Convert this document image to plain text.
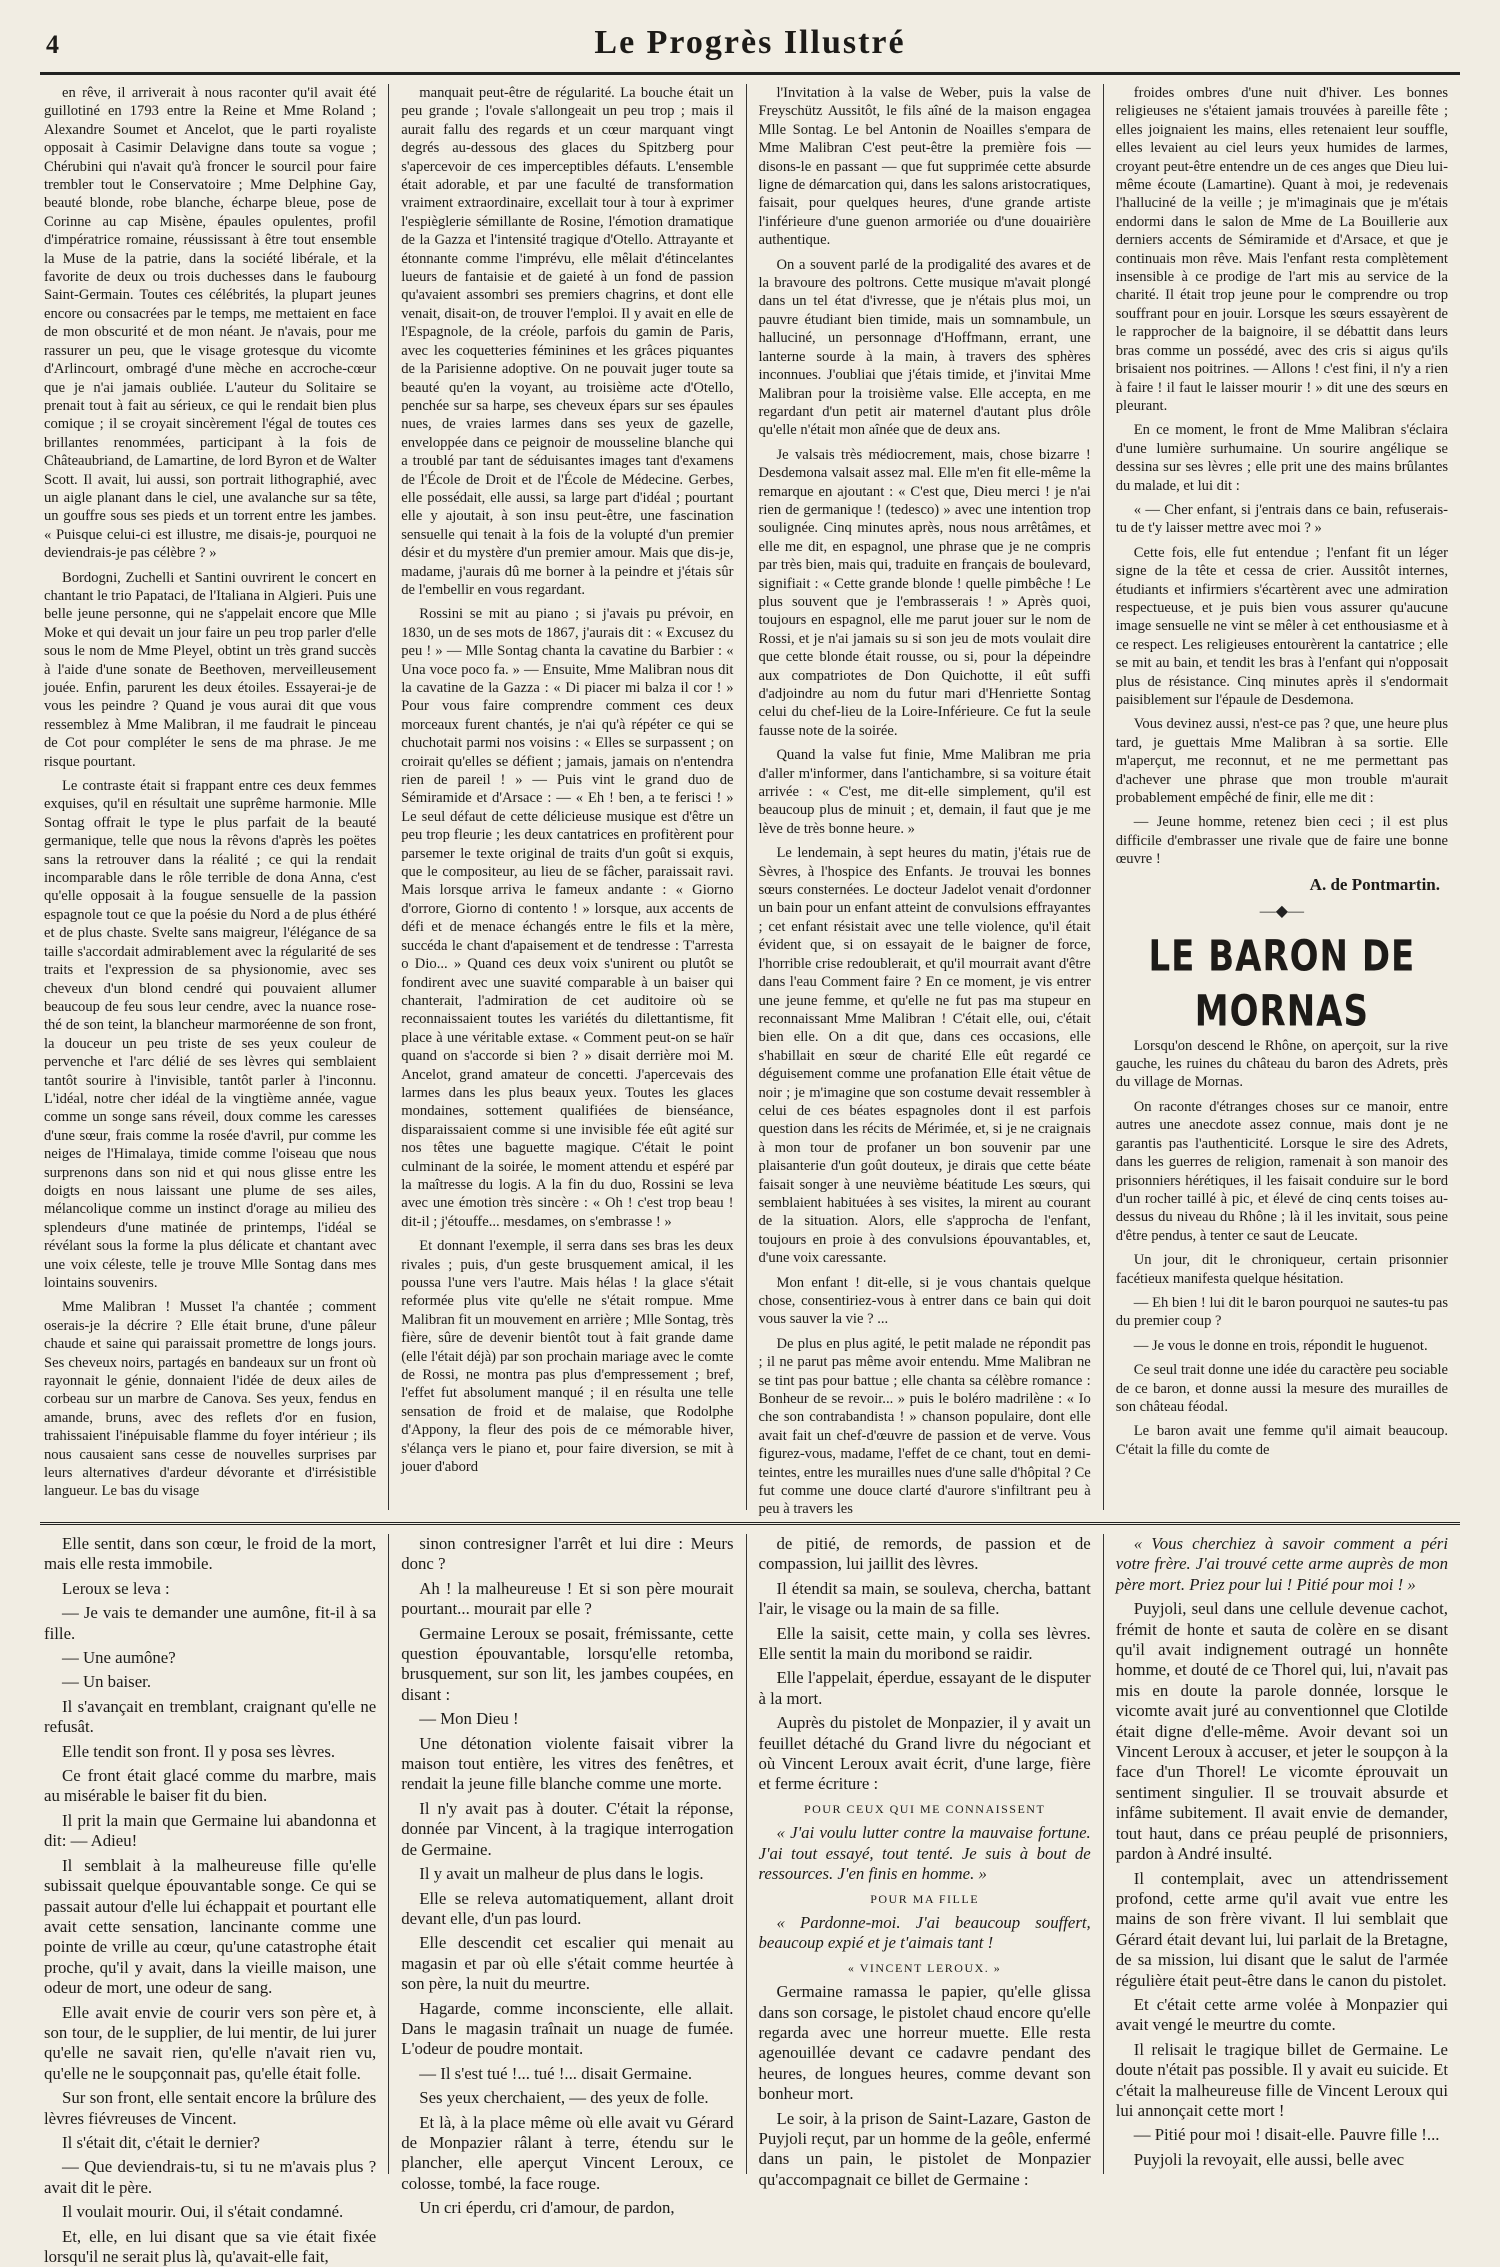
4	Le Progrès Illustré

en rêve, il arriverait à nous raconter qu'il avait été guillotiné en 1793 entre la Reine et Mme Roland ; Alexandre Soumet et Ancelot, que le parti royaliste opposait à Casimir Delavigne dans toute sa vogue ; Chérubini qui n'avait qu'à froncer le sourcil pour faire trembler tout le Conservatoire ; Mme Delphine Gay, beauté blonde, robe blanche, écharpe bleue, pose de Corinne au cap Misène, épaules opulentes, profil d'impératrice romaine, réussissant à être tout ensemble la Muse de la patrie, dans la société libérale, et la favorite de deux ou trois duchesses dans le faubourg Saint-Germain. Toutes ces célébrités, la plupart jeunes encore ou consacrées par le temps, me mettaient en face de mon obscurité et de mon néant. Je n'avais, pour me rassurer un peu, que le visage grotesque du vicomte d'Arlincourt, ombragé d'une mèche en accroche-cœur que je n'ai jamais oubliée. L'auteur du Solitaire se prenait tout à fait au sérieux, ce qui le rendait bien plus comique ; il se croyait sincèrement l'égal de toutes ces brillantes renommées, participant à la fois de Châteaubriand, de Lamartine, de lord Byron et de Walter Scott. Il avait, lui aussi, son portrait lithographié, avec un aigle planant dans le ciel, une avalanche sur sa tête, un gouffre sous ses pieds et un torrent entre les jambes. « Puisque celui-ci est illustre, me disais-je, pourquoi ne deviendrais-je pas célèbre ? »

Bordogni, Zuchelli et Santini ouvrirent le concert en chantant le trio Papataci, de l'Italiana in Algieri. Puis une belle jeune personne, qui ne s'appelait encore que Mlle Moke et qui devait un jour faire un peu trop parler d'elle sous le nom de Mme Pleyel, obtint un très grand succès à l'aide d'une sonate de Beethoven, merveilleusement jouée. Enfin, parurent les deux étoiles. Essayerai-je de vous les peindre ? Quand je vous aurai dit que vous ressemblez à Mme Malibran, il me faudrait le pinceau de Cot pour compléter le sens de ma phrase. Je me risque pourtant.

Le contraste était si frappant entre ces deux femmes exquises, qu'il en résultait une suprême harmonie. Mlle Sontag offrait le type le plus parfait de la beauté germanique, telle que nous la rêvons d'après les poëtes sans la retrouver dans la réalité ; ce qui la rendait incomparable dans le rôle terrible de dona Anna, c'est qu'elle opposait à la fougue sensuelle de la passion espagnole tout ce que la poésie du Nord a de plus éthéré et de plus chaste. Svelte sans maigreur, l'élégance de sa taille s'accordait admirablement avec la régularité de ses traits et l'expression de sa physionomie, avec ses cheveux d'un blond cendré qui pouvaient allumer beaucoup de feu sous leur cendre, avec la nuance rose-thé de son teint, la blancheur marmoréenne de son front, la douceur un peu triste de ses yeux couleur de pervenche et l'arc délié de ses lèvres qui semblaient tantôt sourire à l'invisible, tantôt parler à l'inconnu. L'idéal, notre cher idéal de la vingtième année, vague comme un songe sans réveil, doux comme les caresses d'une sœur, frais comme la rosée d'avril, pur comme les neiges de l'Himalaya, timide comme l'oiseau que nous surprenons dans son nid et qui nous glisse entre les doigts en nous laissant une plume de ses ailes, mélancolique comme un instinct d'orage au milieu des splendeurs d'une matinée de printemps, l'idéal se révélant sous la forme la plus délicate et chantant avec une voix céleste, telle je trouve Mlle Sontag dans mes lointains souvenirs.

Mme Malibran ! Musset l'a chantée ; comment oserais-je la décrire ? Elle était brune, d'une pâleur chaude et saine qui paraissait promettre de longs jours. Ses cheveux noirs, partagés en bandeaux sur un front où rayonnait le génie, donnaient l'idée de deux ailes de corbeau sur un marbre de Canova. Ses yeux, fendus en amande, bruns, avec des reflets d'or en fusion, trahissaient l'inépuisable flamme du foyer intérieur ; ils nous causaient sans cesse de nouvelles surprises par leurs alternatives d'ardeur dévorante et d'irrésistible langueur. Le bas du visage

manquait peut-être de régularité. La bouche était un peu grande ; l'ovale s'allongeait un peu trop ; mais il aurait fallu des regards et un cœur marquant vingt degrés au-dessous des glaces du Spitzberg pour s'apercevoir de ces imperceptibles défauts. L'ensemble était adorable, et par une faculté de transformation vraiment extraordinaire, excellait tour à tour à exprimer l'espièglerie sémillante de Rosine, l'émotion dramatique de la Gazza et l'intensité tragique d'Otello. Attrayante et étonnante comme l'imprévu, elle mêlait d'étincelantes lueurs de fantaisie et de gaieté à un fond de passion qu'avaient assombri ses premiers chagrins, et dont elle venait, disait-on, de trouver l'emploi. Il y avait en elle de l'Espagnole, de la créole, parfois du gamin de Paris, avec les coquetteries féminines et les grâces piquantes de la Parisienne adoptive. On ne pouvait juger toute sa beauté qu'en la voyant, au troisième acte d'Otello, penchée sur sa harpe, ses cheveux épars sur ses épaules nues, de vraies larmes dans ses yeux de gazelle, enveloppée dans ce peignoir de mousseline blanche qui a troublé par tant de séduisantes images tant d'examens de l'École de Droit et de l'École de Médecine. Gerbes, elle possédait, elle aussi, sa large part d'idéal ; pourtant elle y ajoutait, à son insu peut-être, une fascination sensuelle qui tenait à la fois de la volupté d'un premier désir et du mystère d'un premier amour. Mais que dis-je, madame, j'aurais dû me borner à la peindre et j'étais sûr de l'embellir en vous regardant.

Rossini se mit au piano ; si j'avais pu prévoir, en 1830, un de ses mots de 1867, j'aurais dit : « Excusez du peu ! » — Mlle Sontag chanta la cavatine du Barbier : « Una voce poco fa. » — Ensuite, Mme Malibran nous dit la cavatine de la Gazza : « Di piacer mi balza il cor ! » Pour vous faire comprendre comment ces deux morceaux furent chantés, je n'ai qu'à répéter ce qui se chuchotait parmi nos voisins : « Elles se surpassent ; on croirait qu'elles se défient ; jamais, jamais on n'entendra rien de pareil ! » — Puis vint le grand duo de Sémiramide et d'Arsace : — « Eh ! ben, a te ferisci ! » Le seul défaut de cette délicieuse musique est d'être un peu trop fleurie ; les deux cantatrices en profitèrent pour parsemer le texte original de traits d'un goût si exquis, que le compositeur, au lieu de se fâcher, paraissait ravi. Mais lorsque arriva le fameux andante : « Giorno d'orrore, Giorno di contento ! » lorsque, aux accents de défi et de menace échangés entre le fils et la mère, succéda le chant d'apaisement et de tendresse : T'arresta o Dio... » Quand ces deux voix s'unirent ou plutôt se fondirent avec une suavité comparable à un baiser qui chanterait, l'admiration de cet auditoire où se reconnaissaient toutes les variétés du dilettantisme, fit place à une véritable extase. « Comment peut-on se haïr quand on s'accorde si bien ? » disait derrière moi M. Ancelot, grand amateur de concetti. J'apercevais des larmes dans les plus beaux yeux. Toutes les glaces mondaines, sottement qualifiées de bienséance, disparaissaient comme si une invisible fée eût agité sur nos têtes une baguette magique. C'était le point culminant de la soirée, le moment attendu et espéré par la maîtresse du logis. A la fin du duo, Rossini se leva avec une émotion très sincère : « Oh ! c'est trop beau ! dit-il ; j'étouffe... mesdames, on s'embrasse ! »

Et donnant l'exemple, il serra dans ses bras les deux rivales ; puis, d'un geste brusquement amical, il les poussa l'une vers l'autre. Mais hélas ! la glace s'était reformée plus vite qu'elle ne s'était rompue. Mme Malibran fit un mouvement en arrière ; Mlle Sontag, très fière, sûre de devenir bientôt tout à fait grande dame (elle l'était déjà) par son prochain mariage avec le comte de Rossi, ne montra pas plus d'empressement ; bref, l'effet fut absolument manqué ; il en résulta une telle sensation de froid et de malaise, que Rodolphe d'Appony, la fleur des pois de ce mémorable hiver, s'élança vers le piano et, pour faire diversion, se mit à jouer d'abord

l'Invitation à la valse de Weber, puis la valse de Freyschütz Aussitôt, le fils aîné de la maison engagea Mlle Sontag. Le bel Antonin de Noailles s'empara de Mme Malibran C'est peut-être la première fois — disons-le en passant — que fut supprimée cette absurde ligne de démarcation qui, dans les salons aristocratiques, faisait, pour quelques heures, d'une grande artiste l'inférieure d'une guenon armoriée ou d'une douairière authentique.

On a souvent parlé de la prodigalité des avares et de la bravoure des poltrons. Cette musique m'avait plongé dans un tel état d'ivresse, que je n'étais plus moi, un pauvre étudiant bien timide, mais un somnambule, un halluciné, un personnage d'Hoffmann, errant, une lanterne sourde à la main, à travers des sphères inconnues. J'oubliai que j'étais timide, et j'invitai Mme Malibran pour la troisième valse. Elle accepta, en me regardant d'un petit air maternel d'autant plus drôle qu'elle n'était mon aînée que de deux ans.

Je valsais très médiocrement, mais, chose bizarre ! Desdemona valsait assez mal. Elle m'en fit elle-même la remarque en ajoutant : « C'est que, Dieu merci ! je n'ai rien de germanique ! (tedesco) » avec une intention trop soulignée. Cinq minutes après, nous nous arrêtâmes, et elle me dit, en espagnol, une phrase que je ne compris par très bien, mais qui, traduite en français de boulevard, signifiait : « Cette grande blonde ! quelle pimbêche ! Le plus souvent que je l'embrasserais ! » Après quoi, toujours en espagnol, elle me parut jouer sur le nom de Rossi, et je n'ai jamais su si son jeu de mots voulait dire que cette blonde était rousse, ou si, pour la dépeindre aux compatriotes de Don Quichotte, il eût suffi d'adjoindre au nom du futur mari d'Henriette Sontag celui du chef-lieu de la Loire-Inférieure. Ce fut la seule fausse note de la soirée.

Quand la valse fut finie, Mme Malibran me pria d'aller m'informer, dans l'antichambre, si sa voiture était arrivée : « C'est, me dit-elle simplement, qu'il est beaucoup plus de minuit ; et, demain, il faut que je me lève de très bonne heure. »

Le lendemain, à sept heures du matin, j'étais rue de Sèvres, à l'hospice des Enfants. Je trouvai les bonnes sœurs consternées. Le docteur Jadelot venait d'ordonner un bain pour un enfant atteint de convulsions effrayantes ; cet enfant résistait avec une telle violence, qu'il était évident que, si on essayait de le baigner de force, l'horrible crise redoublerait, et qu'il mourrait avant d'être dans l'eau Comment faire ? En ce moment, je vis entrer une jeune femme, et qu'elle ne fut pas ma stupeur en reconnaissant Mme Malibran ! C'était elle, oui, c'était bien elle. On a dit que, dans ces occasions, elle s'habillait en sœur de charité Elle eût regardé ce déguisement comme une profanation Elle était vêtue de noir ; je m'imagine que son costume devait ressembler à celui de ces béates espagnoles dont il est parfois question dans les récits de Mérimée, et, si je ne craignais à mon tour de profaner un bon souvenir par une plaisanterie d'un goût douteux, je dirais que cette béate faisait songer à une neuvième béatitude Les sœurs, qui semblaient habituées à ses visites, la mirent au courant de la situation. Alors, elle s'approcha de l'enfant, toujours en proie à des convulsions épouvantables, et, d'une voix caressante.

Mon enfant ! dit-elle, si je vous chantais quelque chose, consentiriez-vous à entrer dans ce bain qui doit vous sauver la vie ? ...

De plus en plus agité, le petit malade ne répondit pas ; il ne parut pas même avoir entendu. Mme Malibran ne se tint pas pour battue ; elle chanta sa célèbre romance : Bonheur de se revoir... » puis le boléro madrilène : « Io che son contrabandista ! » chanson populaire, dont elle avait fait un chef-d'œuvre de passion et de verve. Vous figurez-vous, madame, l'effet de ce chant, tout en demi-teintes, entre les murailles nues d'une salle d'hôpital ? Ce fut comme une douce clarté d'aurore s'infiltrant peu à peu à travers les

froides ombres d'une nuit d'hiver. Les bonnes religieuses ne s'étaient jamais trouvées à pareille fête ; elles joignaient les mains, elles retenaient leur souffle, elles levaient au ciel leurs yeux humides de larmes, croyant peut-être entendre un de ces anges que Dieu lui-même écoute (Lamartine). Quant à moi, je redevenais l'halluciné de la veille ; je m'imaginais que je m'étais endormi dans le salon de Mme de La Bouillerie aux derniers accents de Sémiramide et d'Arsace, et que je continuais mon rêve. Mais l'enfant resta complètement insensible à ce prodige de l'art mis au service de la charité. Il était trop jeune pour le comprendre ou trop souffrant pour en jouir. Lorsque les sœurs essayèrent de le rapprocher de la baignoire, il se débattit dans leurs bras comme un possédé, avec des cris si aigus qu'ils brisaient nos poitrines. — Allons ! c'est fini, il n'y a rien à faire ! il faut le laisser mourir ! » dit une des sœurs en pleurant.

En ce moment, le front de Mme Malibran s'éclaira d'une lumière surhumaine. Un sourire angélique se dessina sur ses lèvres ; elle prit une des mains brûlantes du malade, et lui dit :

« — Cher enfant, si j'entrais dans ce bain, refuserais-tu de t'y laisser mettre avec moi ? »

Cette fois, elle fut entendue ; l'enfant fit un léger signe de la tête et cessa de crier. Aussitôt internes, étudiants et infirmiers s'écartèrent avec une admiration respectueuse, et je puis bien vous assurer qu'aucune image sensuelle ne vint se mêler à cet enthousiasme et à ce respect. Les religieuses entourèrent la cantatrice ; elle se mit au bain, et tendit les bras à l'enfant qui n'opposait plus de résistance. Cinq minutes après il s'endormait paisiblement sur l'épaule de Desdemona.

Vous devinez aussi, n'est-ce pas ? que, une heure plus tard, je guettais Mme Malibran à sa sortie. Elle m'aperçut, me reconnut, et ne me permettant pas d'achever une phrase que mon trouble m'aurait probablement empêché de finir, elle me dit :

— Jeune homme, retenez bien ceci ; il est plus difficile d'embrasser une rivale que de faire une bonne œuvre !

A. de Pontmartin.
—◆—
LE BARON DE MORNAS

Lorsqu'on descend le Rhône, on aperçoit, sur la rive gauche, les ruines du château du baron des Adrets, près du village de Mornas.

On raconte d'étranges choses sur ce manoir, entre autres une anecdote assez connue, mais dont je ne garantis pas l'authenticité. Lorsque le sire des Adrets, dans les guerres de religion, ramenait à son manoir des prisonniers hérétiques, il les faisait conduire sur le bord d'un rocher taillé à pic, et élevé de cinq cents toises au-dessus du niveau du Rhône ; là il les invitait, sous peine d'être pendus, à tenter ce saut de Leucate.

Un jour, dit le chroniqueur, certain prisonnier facétieux manifesta quelque hésitation.

— Eh bien ! lui dit le baron pourquoi ne sautes-tu pas du premier coup ?

— Je vous le donne en trois, répondit le huguenot.

Ce seul trait donne une idée du caractère peu sociable de ce baron, et donne aussi la mesure des murailles de son château féodal.

Le baron avait une femme qu'il aimait beaucoup. C'était la fille du comte de

Elle sentit, dans son cœur, le froid de la mort, mais elle resta immobile.

Leroux se leva :

— Je vais te demander une aumône, fit-il à sa fille.

— Une aumône?

— Un baiser.

Il s'avançait en tremblant, craignant qu'elle ne refusât.

Elle tendit son front. Il y posa ses lèvres.

Ce front était glacé comme du marbre, mais au misérable le baiser fit du bien.

Il prit la main que Germaine lui abandonna et dit: — Adieu!

Il semblait à la malheureuse fille qu'elle subissait quelque épouvantable songe. Ce qui se passait autour d'elle lui échappait et pourtant elle avait cette sensation, lancinante comme une pointe de vrille au cœur, qu'une catastrophe était proche, qu'il y avait, dans la vieille maison, une odeur de mort, une odeur de sang.

Elle avait envie de courir vers son père et, à son tour, de le supplier, de lui mentir, de lui jurer qu'elle ne savait rien, qu'elle n'avait rien vu, qu'elle ne le soupçonnait pas, qu'elle était folle.

Sur son front, elle sentait encore la brûlure des lèvres fiévreuses de Vincent.

Il s'était dit, c'était le dernier?

— Que deviendrais-tu, si tu ne m'avais plus ? avait dit le père.

Il voulait mourir. Oui, il s'était condamné.

Et, elle, en lui disant que sa vie était fixée lorsqu'il ne serait plus là, qu'avait-elle fait,

sinon contresigner l'arrêt et lui dire : Meurs donc ?

Ah ! la malheureuse ! Et si son père mourait pourtant... mourait par elle ?

Germaine Leroux se posait, frémissante, cette question épouvantable, lorsqu'elle retomba, brusquement, sur son lit, les jambes coupées, en disant :

— Mon Dieu !

Une détonation violente faisait vibrer la maison tout entière, les vitres des fenêtres, et rendait la jeune fille blanche comme une morte.

Il n'y avait pas à douter. C'était la réponse, donnée par Vincent, à la tragique interrogation de Germaine.

Il y avait un malheur de plus dans le logis.

Elle se releva automatiquement, allant droit devant elle, d'un pas lourd.

Elle descendit cet escalier qui menait au magasin et par où elle s'était comme heurtée à son père, la nuit du meurtre.

Hagarde, comme inconsciente, elle allait. Dans le magasin traînait un nuage de fumée. L'odeur de poudre montait.

— Il s'est tué !... tué !... disait Germaine.

Ses yeux cherchaient, — des yeux de folle.

Et là, à la place même où elle avait vu Gérard de Monpazier râlant à terre, étendu sur le plancher, elle aperçut Vincent Leroux, ce colosse, tombé, la face rouge.

Un cri éperdu, cri d'amour, de pardon,

de pitié, de remords, de passion et de compassion, lui jaillit des lèvres.

Il étendit sa main, se souleva, chercha, battant l'air, le visage ou la main de sa fille.

Elle la saisit, cette main, y colla ses lèvres. Elle sentit la main du moribond se raidir.

Elle l'appelait, éperdue, essayant de le disputer à la mort.

Auprès du pistolet de Monpazier, il y avait un feuillet détaché du Grand livre du négociant et où Vincent Leroux avait écrit, d'une large, fière et ferme écriture :

POUR CEUX QUI ME CONNAISSENT

« J'ai voulu lutter contre la mauvaise fortune. J'ai tout essayé, tout tenté. Je suis à bout de ressources. J'en finis en homme. »

POUR MA FILLE

« Pardonne-moi. J'ai beaucoup souffert, beaucoup expié et je t'aimais tant !

« VINCENT LEROUX. »

Germaine ramassa le papier, qu'elle glissa dans son corsage, le pistolet chaud encore qu'elle regarda avec une horreur muette. Elle resta agenouillée devant ce cadavre pendant des heures, de longues heures, comme devant son bonheur mort.

Le soir, à la prison de Saint-Lazare, Gaston de Puyjoli reçut, par un homme de la geôle, enfermé dans un pain, le pistolet de Monpazier qu'accompagnait ce billet de Germaine :

« Vous cherchiez à savoir comment a péri votre frère. J'ai trouvé cette arme auprès de mon père mort. Priez pour lui ! Pitié pour moi ! »

Puyjoli, seul dans une cellule devenue cachot, frémit de honte et sauta de colère en se disant qu'il avait indignement outragé un honnête homme, et douté de ce Thorel qui, lui, n'avait pas mis en doute la parole donnée, lorsque le vicomte avait juré au conventionnel que Clotilde était digne d'elle-même. Avoir devant soi un Vincent Leroux à accuser, et jeter le soupçon à la face d'un Thorel! Le vicomte éprouvait un sentiment singulier. Il se trouvait absurde et infâme subitement. Il avait envie de demander, tout haut, dans ce préau peuplé de prisonniers, pardon à André insulté.

Il contemplait, avec un attendrissement profond, cette arme qu'il avait vue entre les mains de son frère vivant. Il lui semblait que Gérard était devant lui, lui parlait de la Bretagne, de sa mission, lui disant que le salut de l'armée régulière était peut-être dans le canon du pistolet.

Et c'était cette arme volée à Monpazier qui avait vengé le meurtre du comte.

Il relisait le tragique billet de Germaine. Le doute n'était pas possible. Il y avait eu suicide. Et c'était la malheureuse fille de Vincent Leroux qui lui annonçait cette mort !

— Pitié pour moi ! disait-elle. Pauvre fille !...

Puyjoli la revoyait, elle aussi, belle avec
